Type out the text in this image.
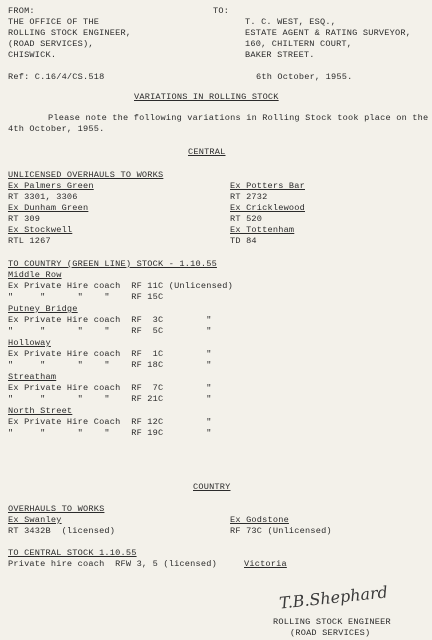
FROM:
THE OFFICE OF THE
ROLLING STOCK ENGINEER,
(ROAD SERVICES),
CHISWICK.
TO:
T. C. WEST, ESQ.,
ESTATE AGENT & RATING SURVEYOR,
160, CHILTERN COURT,
BAKER STREET.
Ref: C.16/4/CS.518	6th October, 1955.
VARIATIONS IN ROLLING STOCK
Please note the following variations in Rolling Stock took place on the
4th October, 1955.
CENTRAL
UNLICENSED OVERHAULS TO WORKS
Ex Palmers Green
RT 3301, 3306
Ex Dunham Green
RT 309
Ex Stockwell
RTL 1267
Ex Potters Bar
RT 2732
Ex Cricklewood
RT 520
Ex Tottenham
TD 84
TO COUNTRY (GREEN LINE) STOCK - 1.10.55
Middle Row
Ex Private Hire coach  RF 11C (Unlicensed)
"     "      "    "    RF 15C
Putney Bridge
Ex Private Hire coach  RF  3C        "
"     "      "    "    RF  5C        "
Holloway
Ex Private Hire coach  RF  1C        "
"     "      "    "    RF 18C        "
Streatham
Ex Private Hire coach  RF  7C        "
"     "      "    "    RF 21C        "
North Street
Ex Private Hire Coach  RF 12C        "
"     "      "    "    RF 19C        "
COUNTRY
OVERHAULS TO WORKS
Ex Swanley
RT 3432B  (licensed)
Ex Godstone
RF 73C (Unlicensed)
TO CENTRAL STOCK 1.10.55
Private hire coach  RFW 3, 5 (licensed)	Victoria
T.B.Shephard
ROLLING STOCK ENGINEER
(ROAD SERVICES)
